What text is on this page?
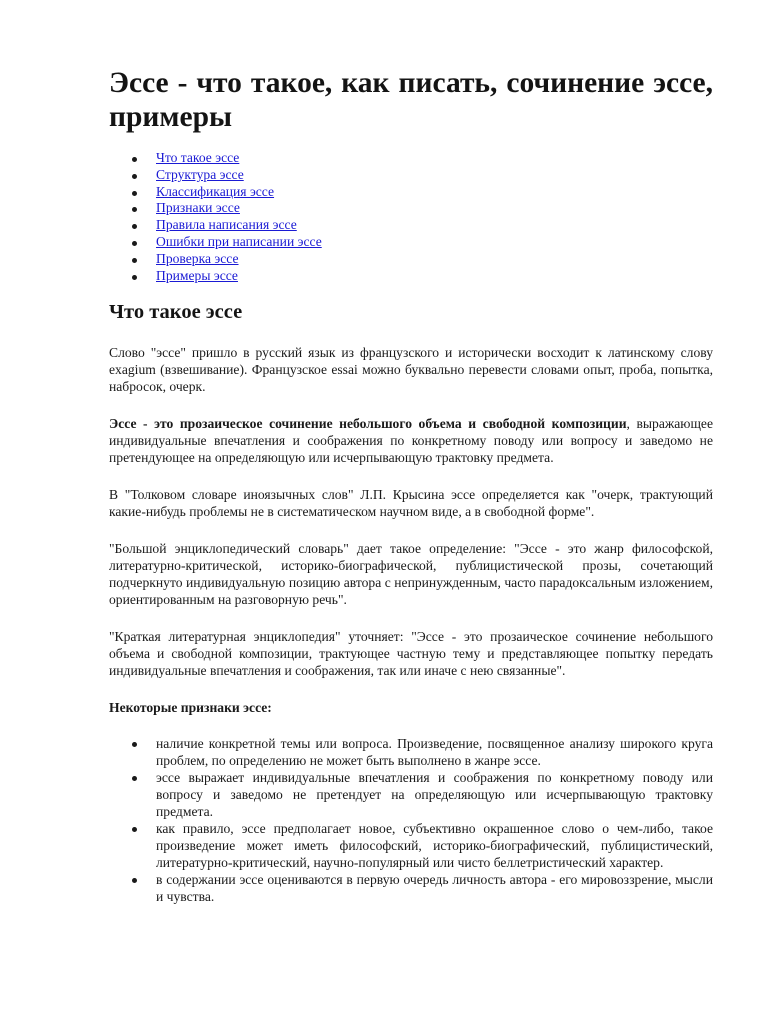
Эссе - что такое, как писать, сочинение эссе, примеры
Что такое эссе
Структура эссе
Классификация эссе
Признаки эссе
Правила написания эссе
Ошибки при написании эссе
Проверка эссе
Примеры эссе
Что такое эссе

Слово "эссе" пришло в русский язык из французского и исторически восходит к латинскому слову exagium (взвешивание). Французское essai можно буквально перевести словами опыт, проба, попытка, набросок, очерк.

Эссе - это прозаическое сочинение небольшого объема и свободной композиции, выражающее индивидуальные впечатления и соображения по конкретному поводу или вопросу и заведомо не претендующее на определяющую или исчерпывающую трактовку предмета.

В "Толковом словаре иноязычных слов" Л.П. Крысина эссе определяется как "очерк, трактующий какие-нибудь проблемы не в систематическом научном виде, а в свободной форме".

"Большой энциклопедический словарь" дает такое определение: "Эссе - это жанр философской, литературно-критической, историко-биографической, публицистической прозы, сочетающий подчеркнуто индивидуальную позицию автора с непринужденным, часто парадоксальным изложением, ориентированным на разговорную речь".

"Краткая литературная энциклопедия" уточняет: "Эссе - это прозаическое сочинение небольшого объема и свободной композиции, трактующее частную тему и представляющее попытку передать индивидуальные впечатления и соображения, так или иначе с нею связанные".

Некоторые признаки эссе:

наличие конкретной темы или вопроса. Произведение, посвященное анализу широкого круга проблем, по определению не может быть выполнено в жанре эссе.
эссе выражает индивидуальные впечатления и соображения по конкретному поводу или вопросу и заведомо не претендует на определяющую или исчерпывающую трактовку предмета.
как правило, эссе предполагает новое, субъективно окрашенное слово о чем-либо, такое произведение может иметь философский, историко-биографический, публицистический, литературно-критический, научно-популярный или чисто беллетристический характер.
в содержании эссе оцениваются в первую очередь личность автора - его мировоззрение, мысли и чувства.
